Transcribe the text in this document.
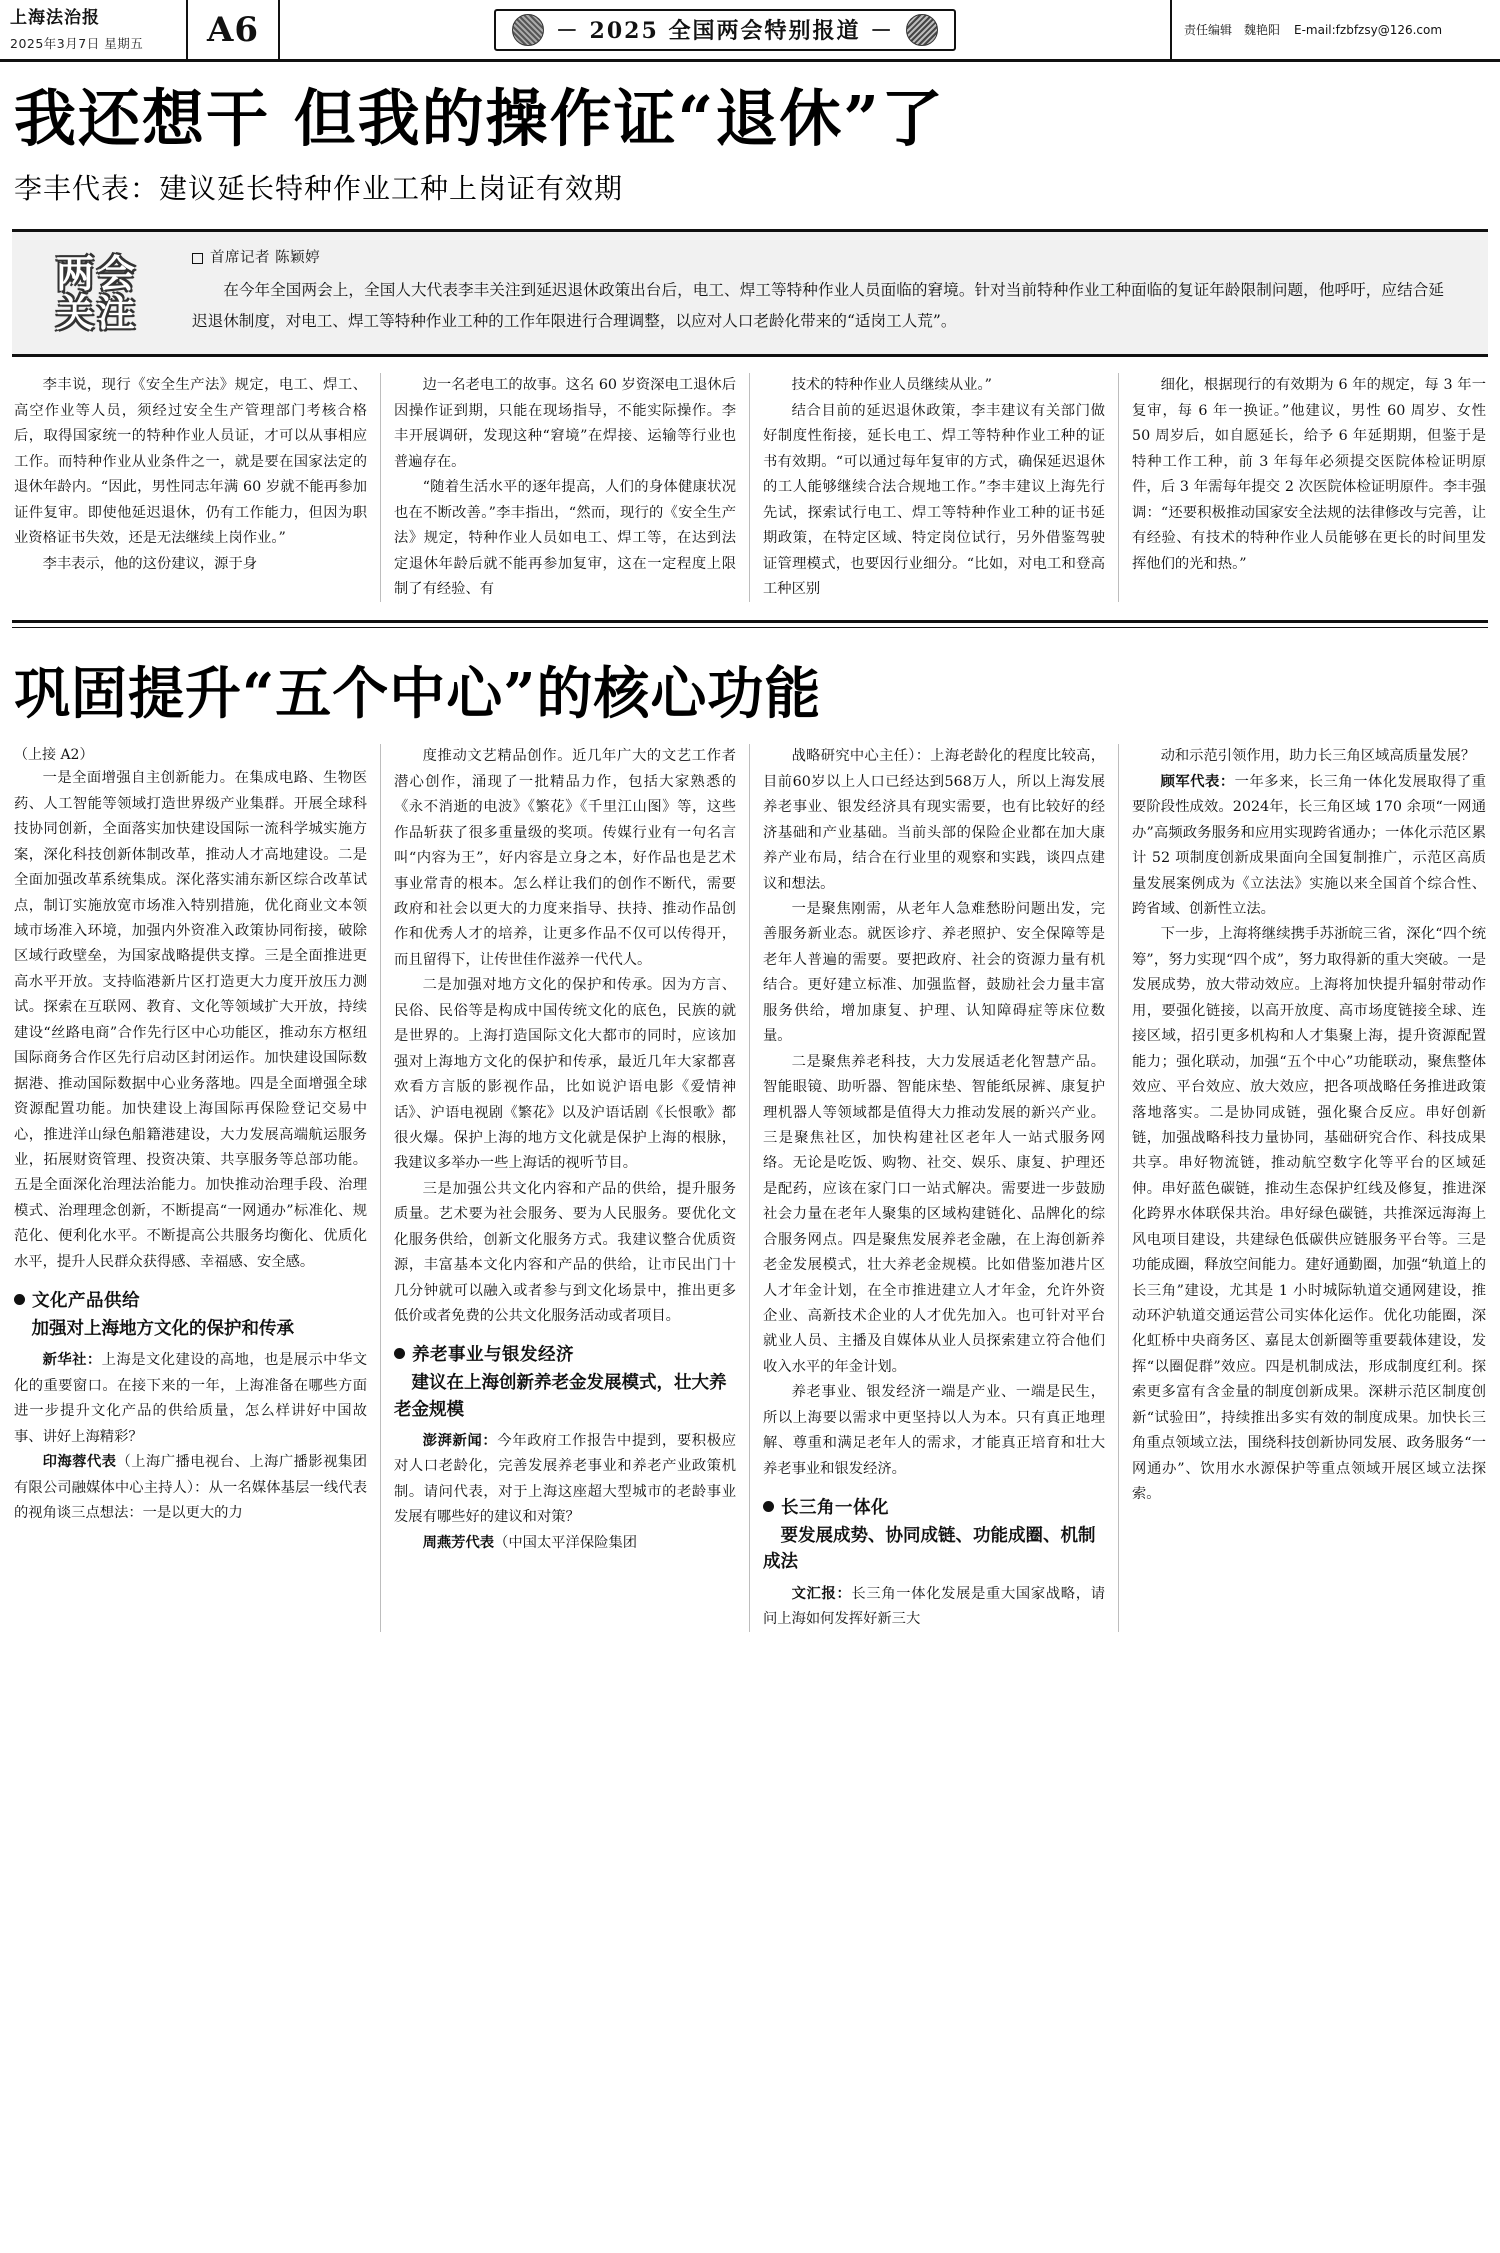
上海法治报
2025年3月7日 星期五	A6	－ 2025 全国两会特别报道 －	责任编辑　魏艳阳 E-mail:fzbfzsy@126.com
我还想干 但我的操作证“退休”了
李丰代表：建议延长特种作业工种上岗证有效期
两会
关注
首席记者 陈颖婷
在今年全国两会上，全国人大代表李丰关注到延迟退休政策出台后，电工、焊工等特种作业人员面临的窘境。针对当前特种作业工种面临的复证年龄限制问题，他呼吁，应结合延迟退休制度，对电工、焊工等特种作业工种的工作年限进行合理调整，以应对人口老龄化带来的“适岗工人荒”。

李丰说，现行《安全生产法》规定，电工、焊工、高空作业等人员，须经过安全生产管理部门考核合格后，取得国家统一的特种作业人员证，才可以从事相应工作。而特种作业从业条件之一，就是要在国家法定的退休年龄内。“因此，男性同志年满 60 岁就不能再参加证件复审。即使他延迟退休，仍有工作能力，但因为职业资格证书失效，还是无法继续上岗作业。”

李丰表示，他的这份建议，源于身

边一名老电工的故事。这名 60 岁资深电工退休后因操作证到期，只能在现场指导，不能实际操作。李丰开展调研，发现这种“窘境”在焊接、运输等行业也普遍存在。

“随着生活水平的逐年提高，人们的身体健康状况也在不断改善。”李丰指出，“然而，现行的《安全生产法》规定，特种作业人员如电工、焊工等，在达到法定退休年龄后就不能再参加复审，这在一定程度上限制了有经验、有

技术的特种作业人员继续从业。”

结合目前的延迟退休政策，李丰建议有关部门做好制度性衔接，延长电工、焊工等特种作业工种的证书有效期。“可以通过每年复审的方式，确保延迟退休的工人能够继续合法合规地工作。”李丰建议上海先行先试，探索试行电工、焊工等特种作业工种的证书延期政策，在特定区域、特定岗位试行，另外借鉴驾驶证管理模式，也要因行业细分。“比如，对电工和登高工种区别

细化，根据现行的有效期为 6 年的规定，每 3 年一复审，每 6 年一换证。”他建议，男性 60 周岁、女性 50 周岁后，如自愿延长，给予 6 年延期期，但鉴于是特种工作工种，前 3 年每年必须提交医院体检证明原件，后 3 年需每年提交 2 次医院体检证明原件。李丰强调：“还要积极推动国家安全法规的法律修改与完善，让有经验、有技术的特种作业人员能够在更长的时间里发挥他们的光和热。”

巩固提升“五个中心”的核心功能
（上接 A2）

一是全面增强自主创新能力。在集成电路、生物医药、人工智能等领域打造世界级产业集群。开展全球科技协同创新，全面落实加快建设国际一流科学城实施方案，深化科技创新体制改革，推动人才高地建设。二是全面加强改革系统集成。深化落实浦东新区综合改革试点，制订实施放宽市场准入特别措施，优化商业文本领域市场准入环境，加强内外资准入政策协同衔接，破除区域行政壁垒，为国家战略提供支撑。三是全面推进更高水平开放。支持临港新片区打造更大力度开放压力测试。探索在互联网、教育、文化等领域扩大开放，持续建设“丝路电商”合作先行区中心功能区，推动东方枢纽国际商务合作区先行启动区封闭运作。加快建设国际数据港、推动国际数据中心业务落地。四是全面增强全球资源配置功能。加快建设上海国际再保险登记交易中心，推进洋山绿色船籍港建设，大力发展高端航运服务业，拓展财资管理、投资决策、共享服务等总部功能。五是全面深化治理法治能力。加快推动治理手段、治理模式、治理理念创新，不断提高“一网通办”标准化、规范化、便利化水平。不断提高公共服务均衡化、优质化水平，提升人民群众获得感、幸福感、安全感。

文化产品供给
加强对上海地方文化的保护和传承

新华社：上海是文化建设的高地，也是展示中华文化的重要窗口。在接下来的一年，上海准备在哪些方面进一步提升文化产品的供给质量，怎么样讲好中国故事、讲好上海精彩？

印海蓉代表（上海广播电视台、上海广播影视集团有限公司融媒体中心主持人）：从一名媒体基层一线代表的视角谈三点想法：一是以更大的力

度推动文艺精品创作。近几年广大的文艺工作者潜心创作，涌现了一批精品力作，包括大家熟悉的《永不消逝的电波》《繁花》《千里江山图》等，这些作品斩获了很多重量级的奖项。传媒行业有一句名言叫“内容为王”，好内容是立身之本，好作品也是艺术事业常青的根本。怎么样让我们的创作不断代，需要政府和社会以更大的力度来指导、扶持、推动作品创作和优秀人才的培养，让更多作品不仅可以传得开，而且留得下，让传世佳作滋养一代代人。

二是加强对地方文化的保护和传承。因为方言、民俗、民俗等是构成中国传统文化的底色，民族的就是世界的。上海打造国际文化大都市的同时，应该加强对上海地方文化的保护和传承，最近几年大家都喜欢看方言版的影视作品，比如说沪语电影《爱情神话》、沪语电视剧《繁花》以及沪语话剧《长恨歌》都很火爆。保护上海的地方文化就是保护上海的根脉，我建议多举办一些上海话的视听节目。

三是加强公共文化内容和产品的供给，提升服务质量。艺术要为社会服务、要为人民服务。要优化文化服务供给，创新文化服务方式。我建议整合优质资源，丰富基本文化内容和产品的供给，让市民出门十几分钟就可以融入或者参与到文化场景中，推出更多低价或者免费的公共文化服务活动或者项目。

养老事业与银发经济
建议在上海创新养老金发展模式，壮大养老金规模

澎湃新闻：今年政府工作报告中提到，要积极应对人口老龄化，完善发展养老事业和养老产业政策机制。请问代表，对于上海这座超大型城市的老龄事业发展有哪些好的建议和对策？

周燕芳代表（中国太平洋保险集团

战略研究中心主任）：上海老龄化的程度比较高，目前60岁以上人口已经达到568万人，所以上海发展养老事业、银发经济具有现实需要，也有比较好的经济基础和产业基础。当前头部的保险企业都在加大康养产业布局，结合在行业里的观察和实践，谈四点建议和想法。

一是聚焦刚需，从老年人急难愁盼问题出发，完善服务新业态。就医诊疗、养老照护、安全保障等是老年人普遍的需要。要把政府、社会的资源力量有机结合。更好建立标准、加强监督，鼓励社会力量丰富服务供给，增加康复、护理、认知障碍症等床位数量。

二是聚焦养老科技，大力发展适老化智慧产品。智能眼镜、助听器、智能床垫、智能纸尿裤、康复护理机器人等领域都是值得大力推动发展的新兴产业。三是聚焦社区，加快构建社区老年人一站式服务网络。无论是吃饭、购物、社交、娱乐、康复、护理还是配药，应该在家门口一站式解决。需要进一步鼓励社会力量在老年人聚集的区域构建链化、品牌化的综合服务网点。四是聚焦发展养老金融，在上海创新养老金发展模式，壮大养老金规模。比如借鉴加港片区人才年金计划，在全市推进建立人才年金，允许外资企业、高新技术企业的人才优先加入。也可针对平台就业人员、主播及自媒体从业人员探索建立符合他们收入水平的年金计划。

养老事业、银发经济一端是产业、一端是民生，所以上海要以需求中更坚持以人为本。只有真正地理解、尊重和满足老年人的需求，才能真正培育和壮大养老事业和银发经济。

长三角一体化
要发展成势、协同成链、功能成圈、机制成法

文汇报：长三角一体化发展是重大国家战略，请问上海如何发挥好新三大

动和示范引领作用，助力长三角区域高质量发展？

顾军代表：一年多来，长三角一体化发展取得了重要阶段性成效。2024年，长三角区域 170 余项“一网通办”高频政务服务和应用实现跨省通办；一体化示范区累计 52 项制度创新成果面向全国复制推广，示范区高质量发展案例成为《立法法》实施以来全国首个综合性、跨省域、创新性立法。

下一步，上海将继续携手苏浙皖三省，深化“四个统筹”，努力实现“四个成”，努力取得新的重大突破。一是发展成势，放大带动效应。上海将加快提升辐射带动作用，要强化链接，以高开放度、高市场度链接全球、连接区域，招引更多机构和人才集聚上海，提升资源配置能力；强化联动，加强“五个中心”功能联动，聚焦整体效应、平台效应、放大效应，把各项战略任务推进政策落地落实。二是协同成链，强化聚合反应。串好创新链，加强战略科技力量协同，基础研究合作、科技成果共享。串好物流链，推动航空数字化等平台的区域延伸。串好蓝色碳链，推动生态保护红线及修复，推进深化跨界水体联保共治。串好绿色碳链，共推深远海海上风电项目建设，共建绿色低碳供应链服务平台等。三是功能成圈，释放空间能力。建好通勤圈，加强“轨道上的长三角”建设，尤其是 1 小时城际轨道交通网建设，推动环沪轨道交通运营公司实体化运作。优化功能圈，深化虹桥中央商务区、嘉昆太创新圈等重要载体建设，发挥“以圈促群”效应。四是机制成法，形成制度红利。探索更多富有含金量的制度创新成果。深耕示范区制度创新“试验田”，持续推出多实有效的制度成果。加快长三角重点领域立法，围绕科技创新协同发展、政务服务“一网通办”、饮用水水源保护等重点领域开展区域立法探索。
